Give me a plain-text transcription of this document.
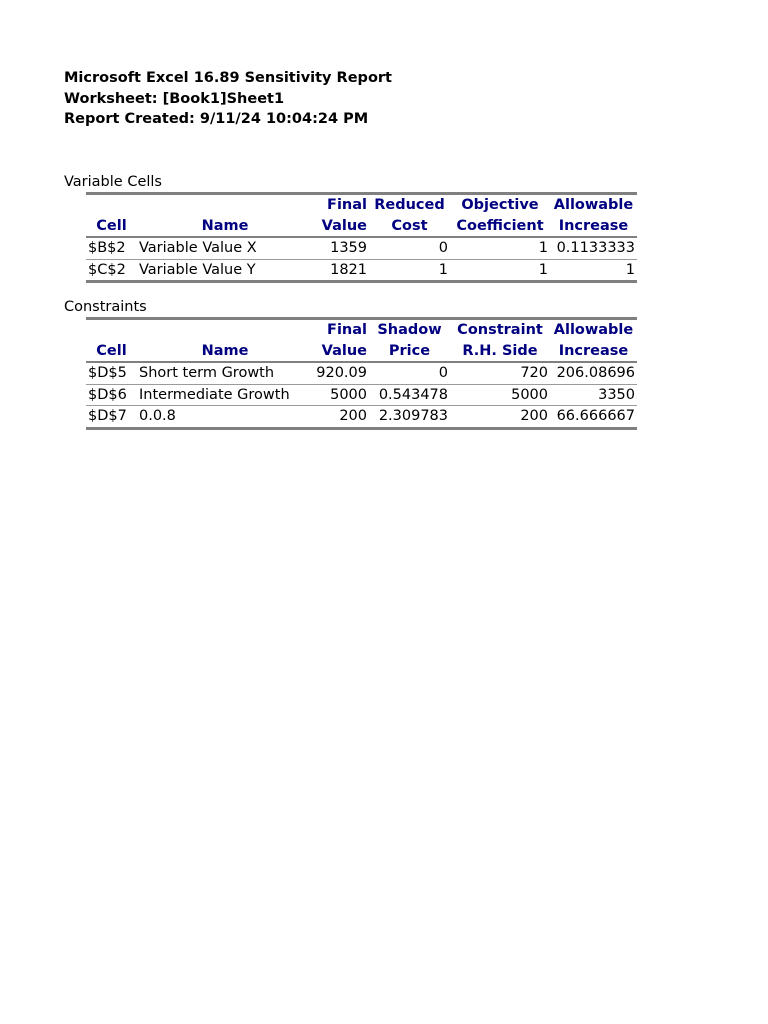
Microsoft Excel 16.89 Sensitivity Report
Worksheet: [Book1]Sheet1
Report Created: 9/11/24 10:04:24 PM
Variable Cells
		Final	Reduced	Objective	Allowable
Cell	Name	Value	Cost	Coefficient	Increase
$B$2	Variable Value X	1359	0	1	0.1133333
$C$2	Variable Value Y	1821	1	1	1
Constraints
		Final	Shadow	Constraint	Allowable
Cell	Name	Value	Price	R.H. Side	Increase
$D$5	Short term Growth	920.09	0	720	206.08696
$D$6	Intermediate Growth	5000	0.543478	5000	3350
$D$7	0.0.8	200	2.309783	200	66.666667
